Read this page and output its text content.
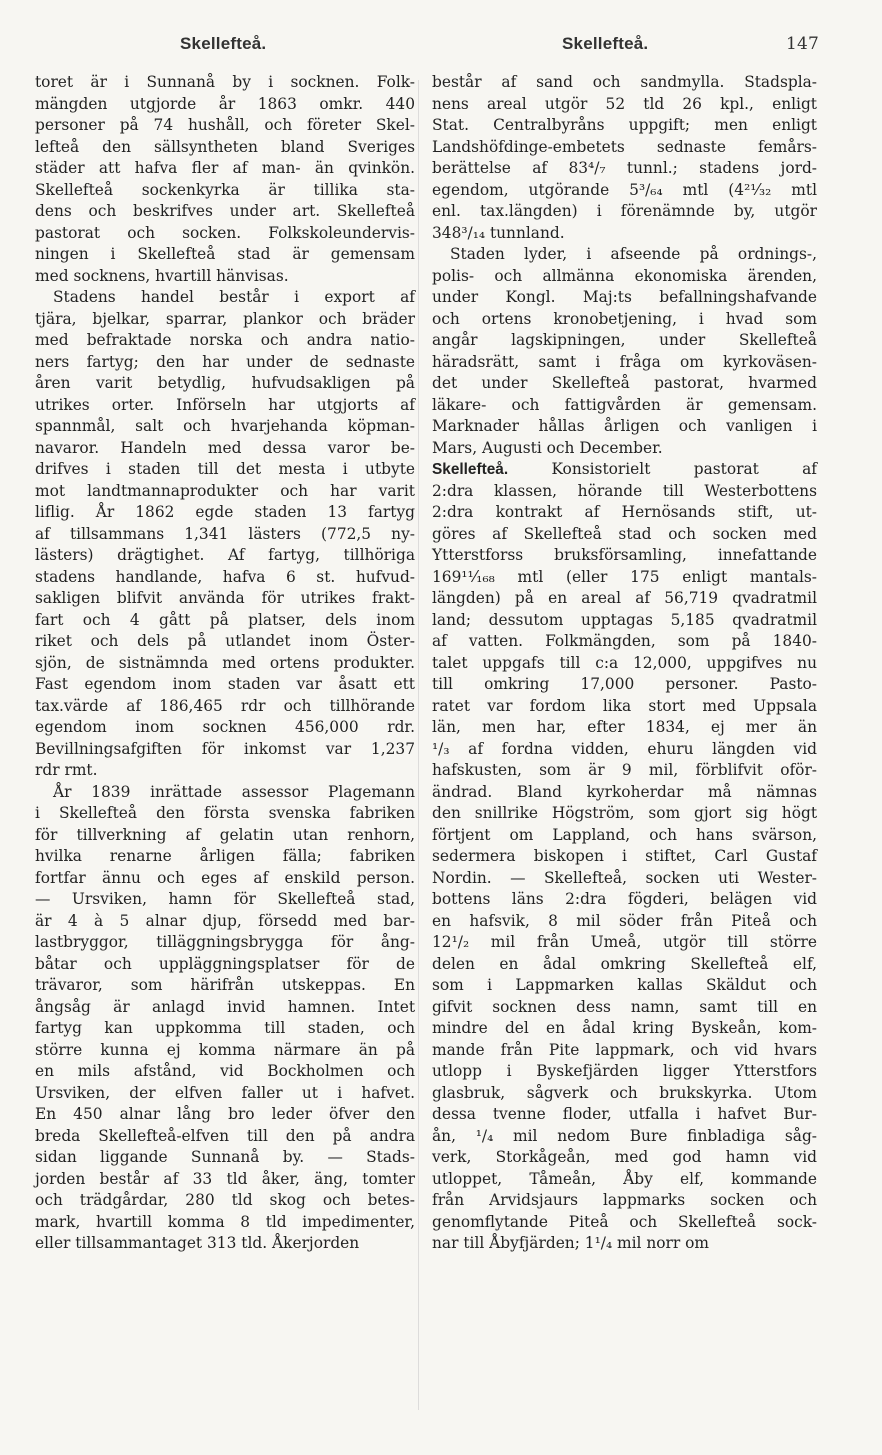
Skellefteå.	Skellefteå.	147
toret är i Sunnanå by i socknen. Folk-
mängden utgjorde år 1863 omkr. 440
personer på 74 hushåll, och företer Skel-
lefteå den sällsyntheten bland Sveriges
städer att hafva fler af man- än qvinkön.
Skellefteå sockenkyrka är tillika sta-
dens och beskrifves under art. Skellefteå
pastorat och socken. Folkskoleundervis-
ningen i Skellefteå stad är gemensam
med socknens, hvartill hänvisas.
Stadens handel består i export af
tjära, bjelkar, sparrar, plankor och bräder
med befraktade norska och andra natio-
ners fartyg; den har under de sednaste
åren varit betydlig, hufvudsakligen på
utrikes orter. Införseln har utgjorts af
spannmål, salt och hvarjehanda köpman-
navaror. Handeln med dessa varor be-
drifves i staden till det mesta i utbyte
mot landtmannaprodukter och har varit
liflig. År 1862 egde staden 13 fartyg
af tillsammans 1,341 lästers (772,5 ny-
lästers) drägtighet. Af fartyg, tillhöriga
stadens handlande, hafva 6 st. hufvud-
sakligen blifvit använda för utrikes frakt-
fart och 4 gått på platser, dels inom
riket och dels på utlandet inom Öster-
sjön, de sistnämnda med ortens produkter.
Fast egendom inom staden var åsatt ett
tax.värde af 186,465 rdr och tillhörande
egendom inom socknen 456,000 rdr.
Bevillningsafgiften för inkomst var 1,237
rdr rmt.
År 1839 inrättade assessor Plagemann
i Skellefteå den första svenska fabriken
för tillverkning af gelatin utan renhorn,
hvilka renarne årligen fälla; fabriken
fortfar ännu och eges af enskild person.
— Ursviken, hamn för Skellefteå stad,
är 4 à 5 alnar djup, försedd med bar-
lastbryggor, tilläggningsbrygga för ång-
båtar och uppläggningsplatser för de
trävaror, som härifrån utskeppas. En
ångsåg är anlagd invid hamnen. Intet
fartyg kan uppkomma till staden, och
större kunna ej komma närmare än på
en mils afstånd, vid Bockholmen och
Ursviken, der elfven faller ut i hafvet.
En 450 alnar lång bro leder öfver den
breda Skellefteå-elfven till den på andra
sidan liggande Sunnanå by. — Stads-
jorden består af 33 tld åker, äng, tomter
och trädgårdar, 280 tld skog och betes-
mark, hvartill komma 8 tld impedimenter,
eller tillsammantaget 313 tld. Åkerjorden
består af sand och sandmylla. Stadspla-
nens areal utgör 52 tld 26 kpl., enligt
Stat. Centralbyråns uppgift; men enligt
Landshöfdinge-embetets sednaste femårs-
berättelse af 83⁴/₇ tunnl.; stadens jord-
egendom, utgörande 5³/₆₄ mtl (4²¹⁄₃₂ mtl
enl. tax.längden) i förenämnde by, utgör
348³/₁₄ tunnland.
Staden lyder, i afseende på ordnings-,
polis- och allmänna ekonomiska ärenden,
under Kongl. Maj:ts befallningshafvande
och ortens kronobetjening, i hvad som
angår lagskipningen, under Skellefteå
häradsrätt, samt i fråga om kyrkoväsen-
det under Skellefteå pastorat, hvarmed
läkare- och fattigvården är gemensam.
Marknader hållas årligen och vanligen i
Mars, Augusti och December.
Skellefteå. Konsistorielt pastorat af
2:dra klassen, hörande till Westerbottens
2:dra kontrakt af Hernösands stift, ut-
göres af Skellefteå stad och socken med
Ytterstforss bruksförsamling, innefattande
169¹¹⁄₁₆₈ mtl (eller 175 enligt mantals-
längden) på en areal af 56,719 qvadratmil
land; dessutom upptagas 5,185 qvadratmil
af vatten. Folkmängden, som på 1840-
talet uppgafs till c:a 12,000, uppgifves nu
till omkring 17,000 personer. Pasto-
ratet var fordom lika stort med Uppsala
län, men har, efter 1834, ej mer än
¹/₃ af fordna vidden, ehuru längden vid
hafskusten, som är 9 mil, förblifvit oför-
ändrad. Bland kyrkoherdar må nämnas
den snillrike Högström, som gjort sig högt
förtjent om Lappland, och hans svärson,
sedermera biskopen i stiftet, Carl Gustaf
Nordin. — Skellefteå, socken uti Wester-
bottens läns 2:dra fögderi, belägen vid
en hafsvik, 8 mil söder från Piteå och
12¹/₂ mil från Umeå, utgör till större
delen en ådal omkring Skellefteå elf,
som i Lappmarken kallas Skäldut och
gifvit socknen dess namn, samt till en
mindre del en ådal kring Byskeån, kom-
mande från Pite lappmark, och vid hvars
utlopp i Byskefjärden ligger Ytterstfors
glasbruk, sågverk och brukskyrka. Utom
dessa tvenne floder, utfalla i hafvet Bur-
ån, ¹/₄ mil nedom Bure finbladiga såg-
verk, Storkågeån, med god hamn vid
utloppet, Tåmeån, Åby elf, kommande
från Arvidsjaurs lappmarks socken och
genomflytande Piteå och Skellefteå sock-
nar till Åbyfjärden; 1¹/₄ mil norr om
